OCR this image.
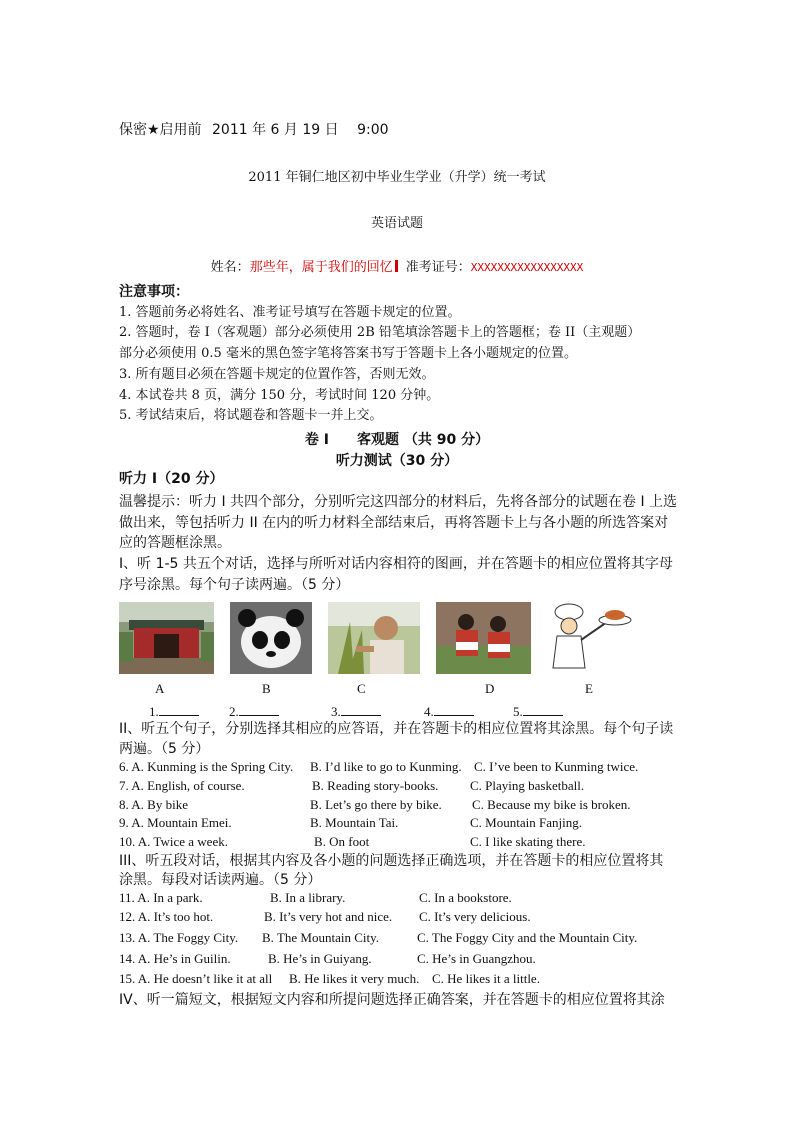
保密★启用前 2011 年 6 月 19 日 9:00
2011 年铜仁地区初中毕业生学业（升学）统一考试
英语试题
姓名：那些年，属于我们的回忆 准考证号：XXXXXXXXXXXXXXXXX
注意事项：
1. 答题前务必将姓名、准考证号填写在答题卡规定的位置。
2. 答题时，卷 I（客观题）部分必须使用 2B 铅笔填涂答题卡上的答题框；卷 II（主观题）
部分必须使用 0.5 毫米的黑色签字笔将答案书写于答题卡上各小题规定的位置。
3. 所有题目必须在答题卡规定的位置作答，否则无效。
4. 本试卷共 8 页，满分 150 分，考试时间 120 分钟。
5. 考试结束后，将试题卷和答题卡一并上交。
卷 I　　客观题 （共 90 分）
听力测试（30 分）
听力 I（20 分）
温馨提示：听力 I 共四个部分，分别听完这四部分的材料后，先将各部分的试题在卷 I 上选
做出来，等包括听力 II 在内的听力材料全部结束后，再将答题卡上与各小题的所选答案对
应的答题框涂黑。
I、听 1-5 共五个对话，选择与所听对话内容相符的图画，并在答题卡的相应位置将其字母
序号涂黑。每个句子读两遍。（5 分）
A	B	C	D	E
1.	2.	3.	4.	5.
II、听五个句子，分别选择其相应的应答语，并在答题卡的相应位置将其涂黑。每个句子读
两遍。（5 分）
6. A. Kunming is the Spring City. B. I’d like to go to Kunming. C. I’ve been to Kunming twice.
7. A. English, of course.	B. Reading story-books. C. Playing basketball.
8. A. By bike	B. Let’s go there by bike. C. Because my bike is broken.
9. A. Mountain Emei.	B. Mountain Tai.	C. Mountain Fanjing.
10. A. Twice a week.	B. On foot	C. I like skating there.
III、听五段对话，根据其内容及各小题的问题选择正确选项，并在答题卡的相应位置将其
涂黑。每段对话读两遍。（5 分）
11. A. In a park.	B. In a library.	C. In a bookstore.
12. A. It’s too hot.	B. It’s very hot and nice. C. It’s very delicious.
13. A. The Foggy City. B. The Mountain City.	C. The Foggy City and the Mountain City.
14. A. He’s in Guilin.	B. He’s in Guiyang.	C. He’s in Guangzhou.
15. A. He doesn’t like it at all B. He likes it very much. C. He likes it a little.
IV、听一篇短文，根据短文内容和所提问题选择正确答案，并在答题卡的相应位置将其涂
